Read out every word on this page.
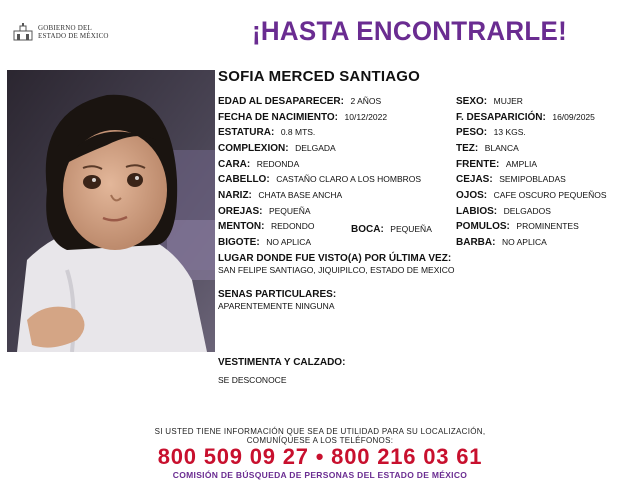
GOBIERNO DEL
ESTADO DE MÉXICO	¡HASTA ENCONTRARLE!
SOFIA MERCED SANTIAGO
EDAD AL DESAPARECER: 2 AÑOS
FECHA DE NACIMIENTO: 10/12/2022
ESTATURA: 0.8 MTS.
COMPLEXION: DELGADA
CARA: REDONDA
CABELLO: CASTAÑO CLARO A LOS HOMBROS
NARIZ: CHATA BASE ANCHA
OREJAS: PEQUEÑA
MENTON: REDONDO	BOCA: PEQUEÑA
BIGOTE: NO APLICA
SEXO: MUJER
F. DESAPARICIÓN: 16/09/2025
PESO: 13 KGS.
TEZ: BLANCA
FRENTE: AMPLIA
CEJAS: SEMIPOBLADAS
OJOS: CAFE OSCURO PEQUEÑOS
LABIOS: DELGADOS
POMULOS: PROMINENTES
BARBA: NO APLICA
LUGAR DONDE FUE VISTO(A) POR ÚLTIMA VEZ:
SAN FELIPE SANTIAGO, JIQUIPILCO, ESTADO DE MEXICO
SENAS PARTICULARES:
APARENTEMENTE NINGUNA
VESTIMENTA Y CALZADO:
SE DESCONOCE
SI USTED TIENE INFORMACIÓN QUE SEA DE UTILIDAD PARA SU LOCALIZACIÓN,
COMUNÍQUESE A LOS TELÉFONOS:
800 509 09 27 • 800 216 03 61
COMISIÓN DE BÚSQUEDA DE PERSONAS DEL ESTADO DE MÉXICO
